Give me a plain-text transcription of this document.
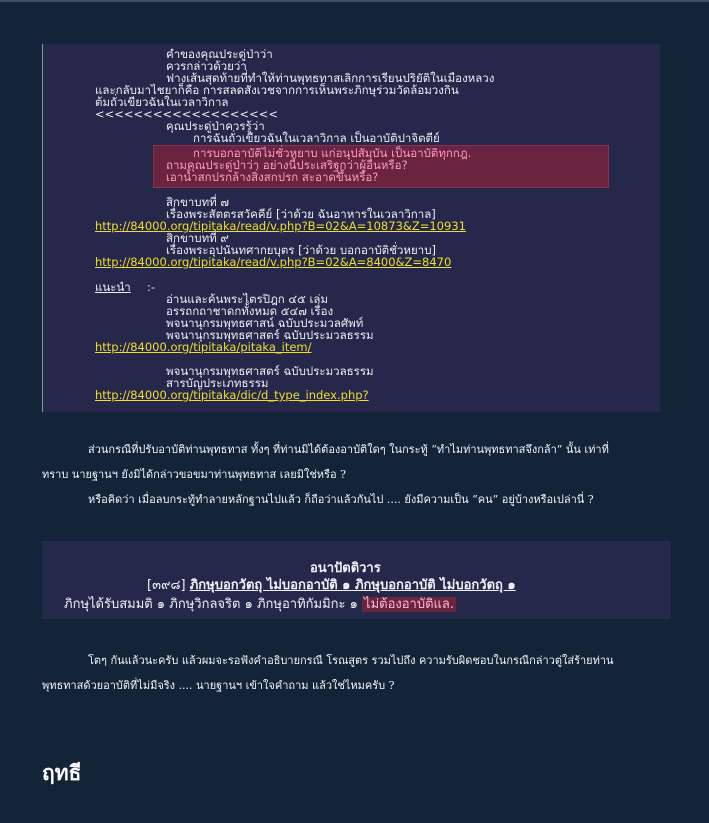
คำของคุณประดู่ป่าว่า
ควรกล่าวด้วยว่า
ฟางเส้นสุดท้ายที่ทำให้ท่านพุทธทาสเลิกการเรียนปริยัติในเมืองหลวง
และกลับมาไชยาก็คือ การสลดสังเวชจากการเห็นพระภิกษุร่วมวัดล้อมวงกิน
ต้มถั่วเขียวฉันในเวลาวิกาล
<<<<<<<<<<<<<<<<<<<
คุณประดู่ป่าควรรู้ว่า
การฉันถั่วเขียวฉันในเวลาวิกาล เป็นอาบัติปาจิตตีย์
การบอกอาบัติไม่ชั่วหยาบ แก่อนุปสัมบัน เป็นอาบัติทุกกฎ.
ถามคุณประดู่ป่าว่า อย่างนี้ประเสริฐกว่าผู้อื่นหรือ?
เอาน้ำสกปรกล้างสิ่งสกปรก สะอาดขึ้นหรือ?
สิกขาบทที่ ๗
เรื่องพระสัตตรสวัคคีย์ [ว่าด้วย ฉันอาหารในเวลาวิกาล]
http://84000.org/tipitaka/read/v.php?B=02&A=10873&Z=10931
สิกขาบทที่ ๙
เรื่องพระอุปนันทศากยบุตร [ว่าด้วย บอกอาบัติชั่วหยาบ]
http://84000.org/tipitaka/read/v.php?B=02&A=8400&Z=8470
แนะนำ :-
อ่านและค้นพระไตรปิฎก ๔๕ เล่ม
อรรถกถาชาดกทั้งหมด ๕๔๗ เรื่อง
พจนานุกรมพุทธศาสน์ ฉบับประมวลศัพท์
พจนานุกรมพุทธศาสตร์ ฉบับประมวลธรรม
http://84000.org/tipitaka/pitaka_item/
พจนานุกรมพุทธศาสตร์ ฉบับประมวลธรรม
สารบัญประเภทธรรม
http://84000.org/tipitaka/dic/d_type_index.php?

ส่วนกรณีที่ปรับอาบัติท่านพุทธทาส ทั้งๆ ที่ท่านมิได้ต้องอาบัติใดๆ ในกระทู้ “ทำไมท่านพุทธทาสจึงกล้า” นั้น เท่าที่

ทราบ นายฐานฯ ยังมิได้กล่าวขอขมาท่านพุทธทาส เลยมิใช่หรือ ?

หรือคิดว่า เมื่อลบกระทู้ทำลายหลักฐานไปแล้ว ก็ถือว่าแล้วกันไป .... ยังมีความเป็น “คน” อยู่บ้างหรือเปล่านี่ ?

อนาปัตติวาร
[๓๙๘] ภิกษุบอกวัตถุ ไม่บอกอาบัติ ๑ ภิกษุบอกอาบัติ ไม่บอกวัตถุ ๑
ภิกษุได้รับสมมติ ๑ ภิกษุวิกลจริต ๑ ภิกษุอาทิกัมมิกะ ๑ ไม่ต้องอาบัติแล.

โตๆ กันแล้วนะครับ แล้วผมจะรอฟังคำอธิบายกรณี โรณสูตร รวมไปถึง ความรับผิดชอบในกรณีกล่าวตู่ใส่ร้ายท่าน

พุทธทาสด้วยอาบัติที่ไม่มีจริง .... นายฐานฯ เข้าใจคำถาม แล้วใช่ไหมครับ ?

ฤทธี
